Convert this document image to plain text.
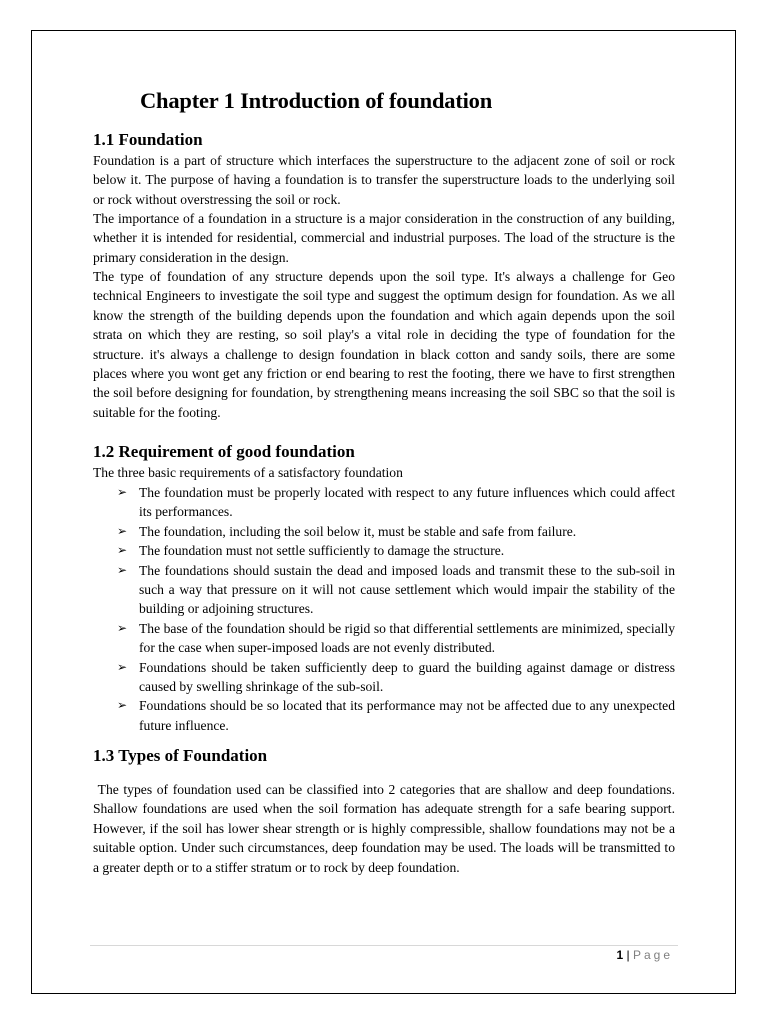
Chapter 1 Introduction of foundation
1.1 Foundation
Foundation is a part of structure which interfaces the superstructure to the adjacent zone of soil or rock below it. The purpose of having a foundation is to transfer the superstructure loads to the underlying soil or rock without overstressing the soil or rock.
The importance of a foundation in a structure is a major consideration in the construction of any building, whether it is intended for residential, commercial and industrial purposes. The load of the structure is the primary consideration in the design.
The type of foundation of any structure depends upon the soil type. It's always a challenge for Geo technical Engineers to investigate the soil type and suggest the optimum design for foundation. As we all know the strength of the building depends upon the foundation and which again depends upon the soil strata on which they are resting, so soil play's a vital role in deciding the type of foundation for the structure. it's always a challenge to design foundation in black cotton and sandy soils, there are some places where you wont get any friction or end bearing to rest the footing, there we have to first strengthen the soil before designing for foundation, by strengthening means increasing the soil SBC so that the soil is suitable for the footing.
1.2 Requirement of good foundation
The three basic requirements of a satisfactory foundation
➢ The foundation must be properly located with respect to any future influences which could affect its performances.
➢ The foundation, including the soil below it, must be stable and safe from failure.
➢ The foundation must not settle sufficiently to damage the structure.
➢ The foundations should sustain the dead and imposed loads and transmit these to the sub-soil in such a way that pressure on it will not cause settlement which would impair the stability of the building or adjoining structures.
➢ The base of the foundation should be rigid so that differential settlements are minimized, specially for the case when super-imposed loads are not evenly distributed.
➢ Foundations should be taken sufficiently deep to guard the building against damage or distress caused by swelling shrinkage of the sub-soil.
➢ Foundations should be so located that its performance may not be affected due to any unexpected future influence.
1.3 Types of Foundation
The types of foundation used can be classified into 2 categories that are shallow and deep foundations. Shallow foundations are used when the soil formation has adequate strength for a safe bearing support. However, if the soil has lower shear strength or is highly compressible, shallow foundations may not be a suitable option. Under such circumstances, deep foundation may be used. The loads will be transmitted to a greater depth or to a stiffer stratum or to rock by deep foundation.
1 | Page
